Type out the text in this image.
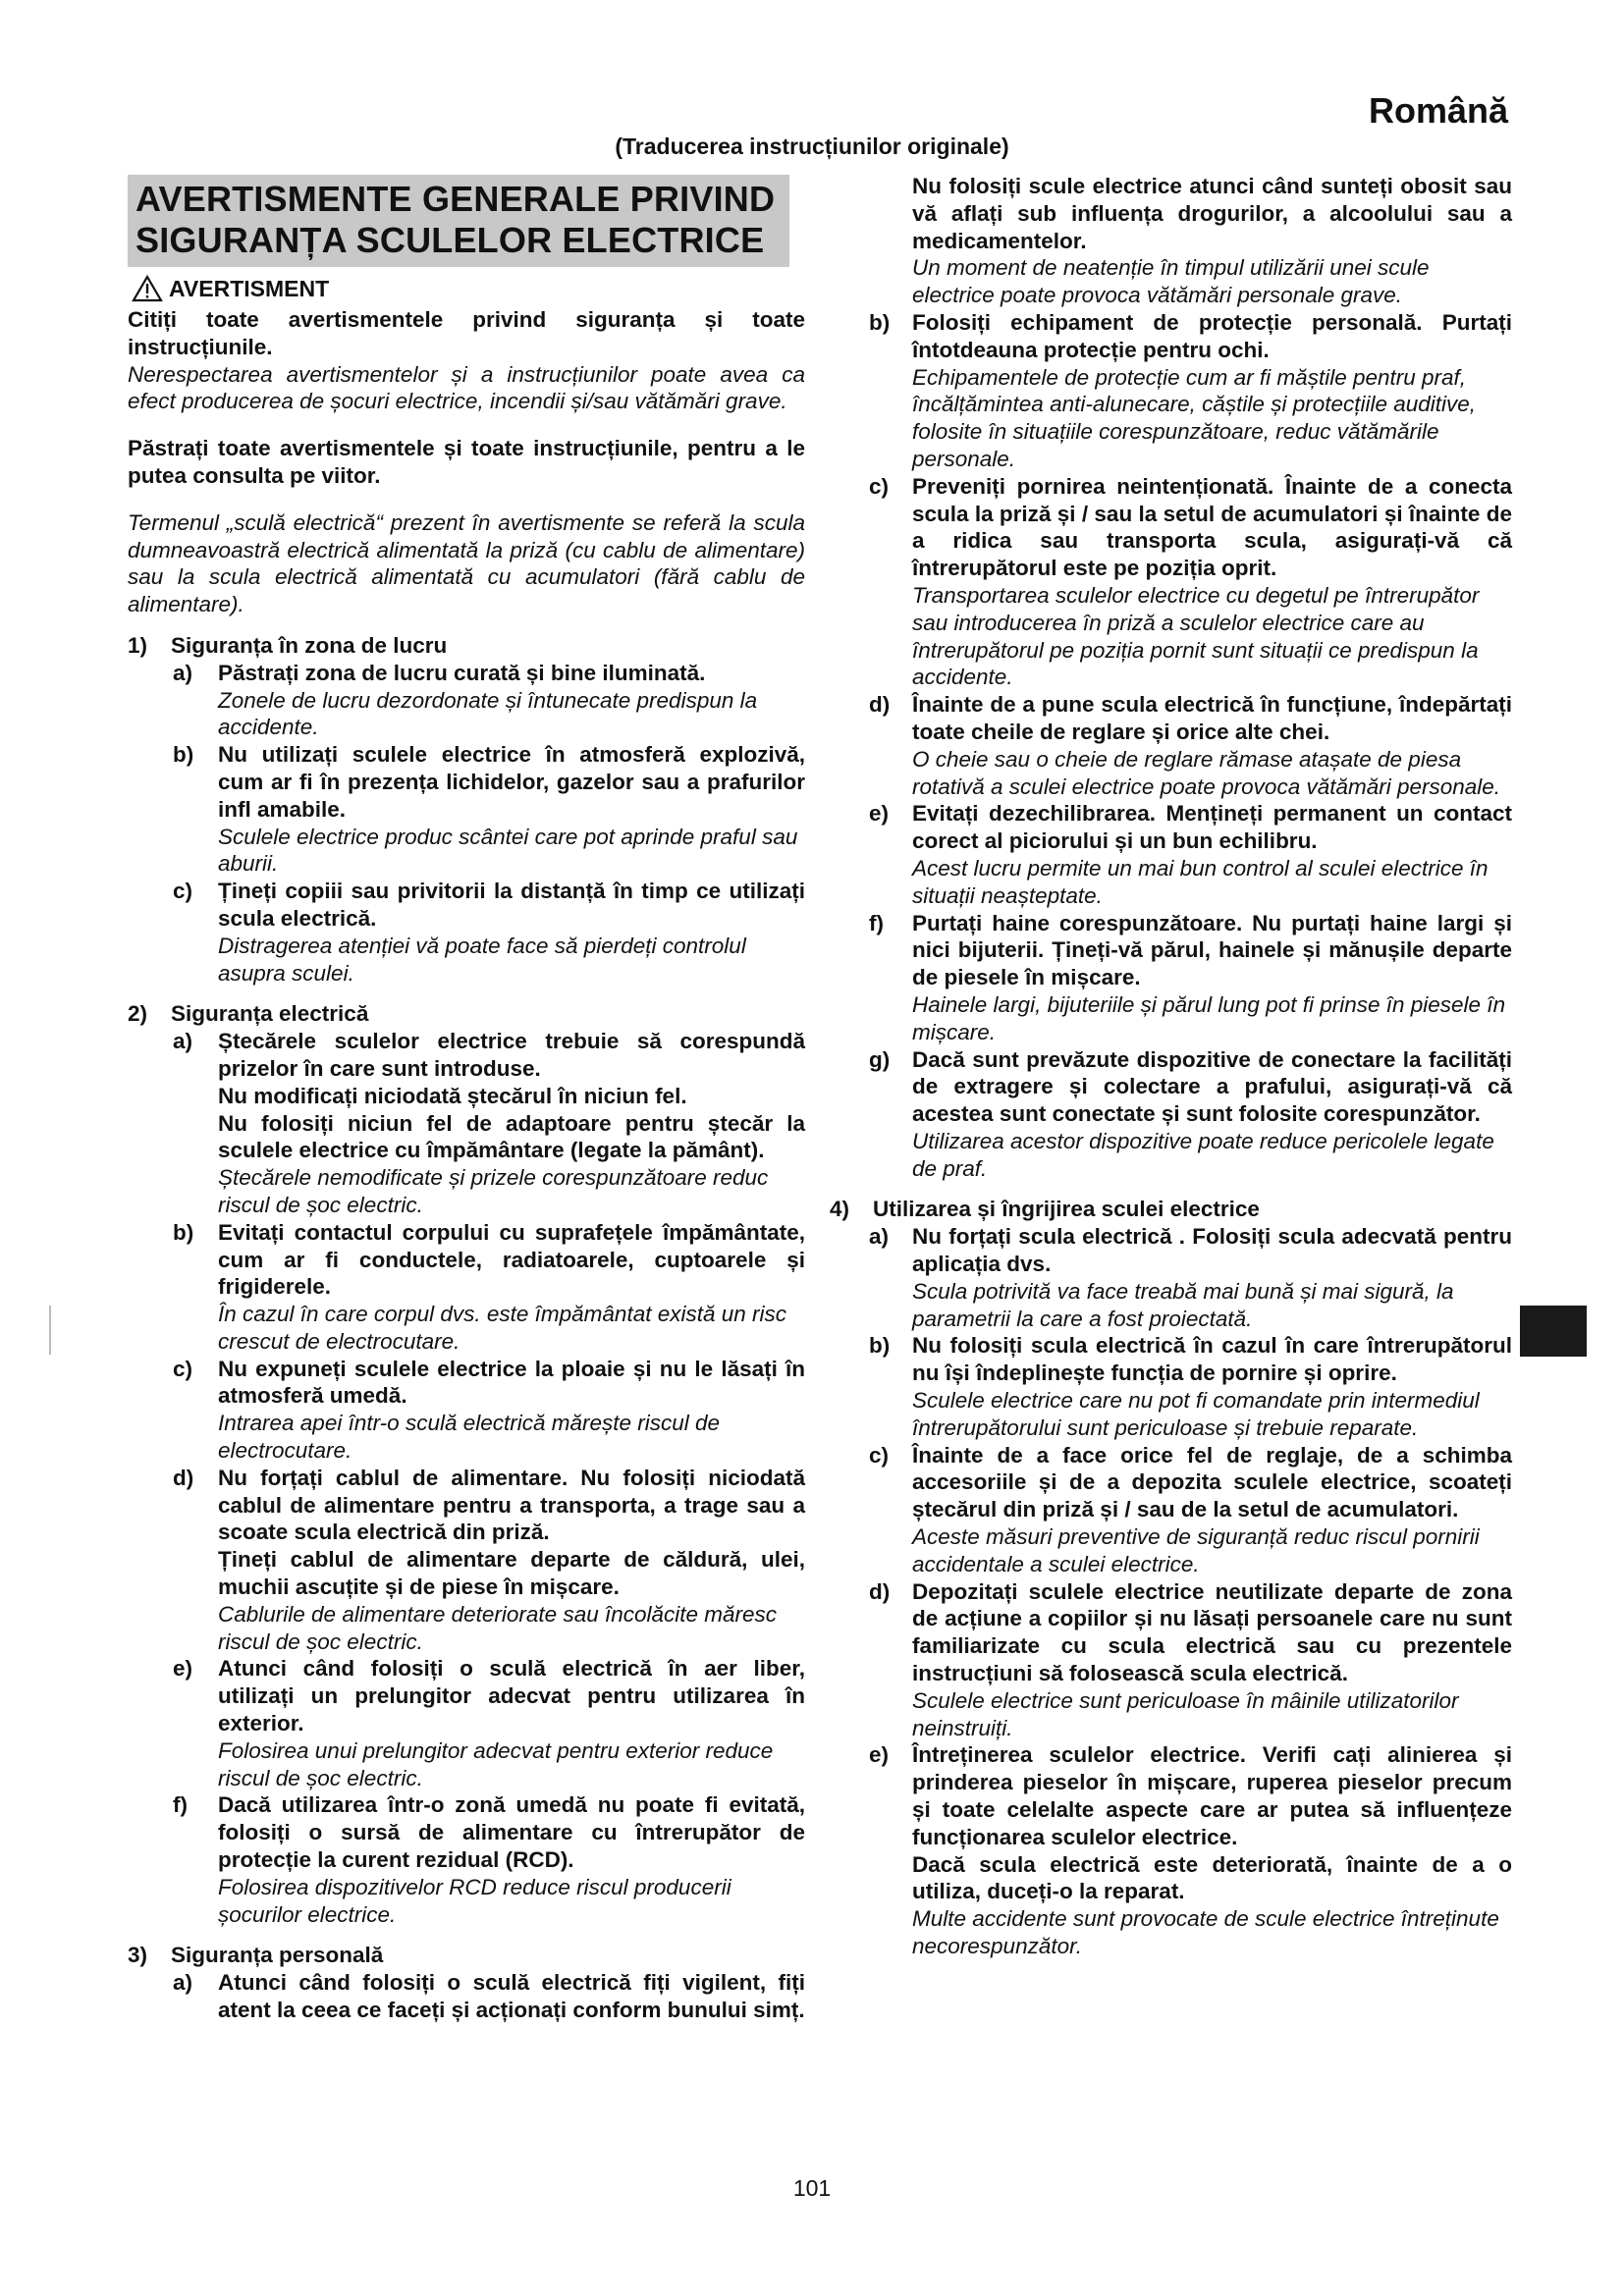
Română
(Traducerea instrucțiunilor originale)
AVERTISMENTE GENERALE PRIVIND
SIGURANȚA SCULELOR ELECTRICE
AVERTISMENT
Citiți toate avertismentele privind siguranța și toate instrucțiunile.
Nerespectarea avertismentelor și a instrucțiunilor poate avea ca efect producerea de șocuri electrice, incendii și/sau vătămări grave.
Păstrați toate avertismentele și toate instrucțiunile, pentru a le putea consulta pe viitor.
Termenul „sculă electrică“ prezent în avertismente se referă la scula dumneavoastră electrică alimentată la priză (cu cablu de alimentare) sau la scula electrică alimentată cu acumulatori (fără cablu de alimentare).
1)	Siguranța în zona de lucru
a)	Păstrați zona de lucru curată și bine iluminată.
Zonele de lucru dezordonate și întunecate predispun la accidente.
b)	Nu utilizați sculele electrice în atmosferă explozivă, cum ar fi în prezența lichidelor, gazelor sau a prafurilor infl amabile.
Sculele electrice produc scântei care pot aprinde praful sau aburii.
c)	Țineți copiii sau privitorii la distanță în timp ce utilizați scula electrică.
Distragerea atenției vă poate face să pierdeți controlul asupra sculei.
2)	Siguranța electrică
a)	Ștecărele sculelor electrice trebuie să corespundă prizelor în care sunt introduse.
Nu modificați niciodată ștecărul în niciun fel.
Nu folosiți niciun fel de adaptoare pentru ștecăr la sculele electrice cu împământare (legate la pământ).
Ștecărele nemodificate și prizele corespunzătoare reduc riscul de șoc electric.
b)	Evitați contactul corpului cu suprafețele împământate, cum ar fi conductele, radiatoarele, cuptoarele și frigiderele.
În cazul în care corpul dvs. este împământat există un risc crescut de electrocutare.
c)	Nu expuneți sculele electrice la ploaie și nu le lăsați în atmosferă umedă.
Intrarea apei într-o sculă electrică mărește riscul de electrocutare.
d)	Nu forțați cablul de alimentare. Nu folosiți niciodată cablul de alimentare pentru a transporta, a trage sau a scoate scula electrică din priză.
Țineți cablul de alimentare departe de căldură, ulei, muchii ascuțite și de piese în mișcare.
Cablurile de alimentare deteriorate sau încolăcite măresc riscul de șoc electric.
e)	Atunci când folosiți o sculă electrică în aer liber, utilizați un prelungitor adecvat pentru utilizarea în exterior.
Folosirea unui prelungitor adecvat pentru exterior reduce riscul de șoc electric.
f)	Dacă utilizarea într-o zonă umedă nu poate fi evitată, folosiți o sursă de alimentare cu întrerupător de protecție la curent rezidual (RCD).
Folosirea dispozitivelor RCD reduce riscul producerii șocurilor electrice.
3)	Siguranța personală
a)	Atunci când folosiți o sculă electrică fiți vigilent, fiți atent la ceea ce faceți și acționați conform bunului simț.
Nu folosiți scule electrice atunci când sunteți obosit sau vă aflați sub influența drogurilor, a alcoolului sau a medicamentelor.
Un moment de neatenție în timpul utilizării unei scule electrice poate provoca vătămări personale grave.
b)	Folosiți echipament de protecție personală. Purtați întotdeauna protecție pentru ochi.
Echipamentele de protecție cum ar fi măștile pentru praf, încălțămintea anti-alunecare, căștile și protecțiile auditive, folosite în situațiile corespunzătoare, reduc vătămările personale.
c)	Preveniți pornirea neintenționată. Înainte de a conecta scula la priză și / sau la setul de acumulatori și înainte de a ridica sau transporta scula, asigurați-vă că întrerupătorul este pe poziția oprit.
Transportarea sculelor electrice cu degetul pe întrerupător sau introducerea în priză a sculelor electrice care au întrerupătorul pe poziția pornit sunt situații ce predispun la accidente.
d)	Înainte de a pune scula electrică în funcțiune, îndepărtați toate cheile de reglare și orice alte chei.
O cheie sau o cheie de reglare rămase atașate de piesa rotativă a sculei electrice poate provoca vătămări personale.
e)	Evitați dezechilibrarea. Mențineți permanent un contact corect al piciorului și un bun echilibru.
Acest lucru permite un mai bun control al sculei electrice în situații neașteptate.
f)	Purtați haine corespunzătoare. Nu purtați haine largi și nici bijuterii. Țineți-vă părul, hainele și mănușile departe de piesele în mișcare.
Hainele largi, bijuteriile și părul lung pot fi prinse în piesele în mișcare.
g)	Dacă sunt prevăzute dispozitive de conectare la facilități de extragere și colectare a prafului, asigurați-vă că acestea sunt conectate și sunt folosite corespunzător.
Utilizarea acestor dispozitive poate reduce pericolele legate de praf.
4)	Utilizarea și îngrijirea sculei electrice
a)	Nu forțați scula electrică . Folosiți scula adecvată pentru aplicația dvs.
Scula potrivită va face treabă mai bună și mai sigură, la parametrii la care a fost proiectată.
b)	Nu folosiți scula electrică în cazul în care întrerupătorul nu își îndeplinește funcția de pornire și oprire.
Sculele electrice care nu pot fi comandate prin intermediul întrerupătorului sunt periculoase și trebuie reparate.
c)	Înainte de a face orice fel de reglaje, de a schimba accesoriile și de a depozita sculele electrice, scoateți ștecărul din priză și / sau de la setul de acumulatori.
Aceste măsuri preventive de siguranță reduc riscul pornirii accidentale a sculei electrice.
d)	Depozitați sculele electrice neutilizate departe de zona de acțiune a copiilor și nu lăsați persoanele care nu sunt familiarizate cu scula electrică sau cu prezentele instrucțiuni să folosească scula electrică.
Sculele electrice sunt periculoase în mâinile utilizatorilor neinstruiți.
e)	Întreținerea sculelor electrice. Verifi cați alinierea și prinderea pieselor în mișcare, ruperea pieselor precum și toate celelalte aspecte care ar putea să influențeze funcționarea sculelor electrice.
Dacă scula electrică este deteriorată, înainte de a o utiliza, duceți-o la reparat.
Multe accidente sunt provocate de scule electrice întreținute necorespunzător.
101
